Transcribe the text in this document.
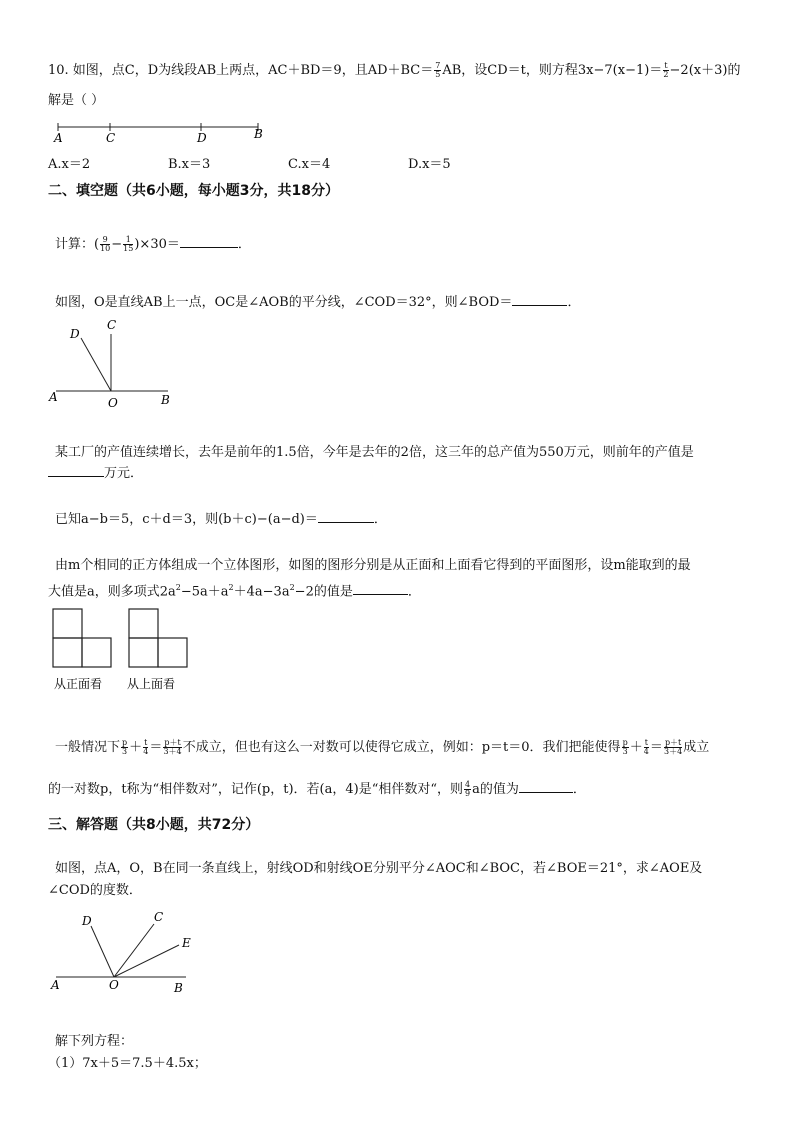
10. 如图，点C，D为线段AB上两点，AC＋BD＝9，且$AD+BC= \frac{7}{5}$ AB，设CD＝t，则方程$3x-7(x-1)= \frac{t}{2} -2(x+3)$的
解是（ ）
A	C	D	B
A.x＝2	B.x＝3	C.x＝4	D.x＝5
二、填空题（共6小题，每小题3分，共18分）
计算：( $\frac{9}{10} - \frac{1}{15} )\times 30=$	．
如图，O是直线AB上一点，OC是∠AOB的平分线，∠COD＝32°，则∠BOD＝	．
D
C
A	O	B
某工厂的产值连续增长，去年是前年的1.5倍，今年是去年的2倍，这三年的总产值为550万元，则前年的产值是
万元．
已知a−b＝5，c＋d＝3，则(b＋c)−(a−d)＝	．
由m个相同的正方体组成一个立体图形，如图的图形分别是从正面和上面看它得到的平面图形，设m能取到的最
大值是a，则多项式$2a^2-5a+a^2+4a-3a^2-2$的值是	．
从正面看 从上面看
一般情况下 $\frac{p}{3} + \frac{t}{4} = \frac{p+t}{3+4}$ 不成立，但也有这么一对数可以使得它成立，例如：p＝t＝0．我们把能使得 $\frac{p}{3} + \frac{t}{4} = \frac{p+t}{3+4}$ 成立
的一对数p，t称为“相伴数对”，记作(p，t)．若(a，4)是“相伴数对“，则 $\frac{4}{9}$ a的值为	．
三、解答题（共8小题，共72分）
如图，点A，O，B在同一条直线上，射线OD和射线OE分别平分∠AOC和∠BOC，若∠BOE＝21°，求∠AOE及
∠COD的度数．
D	C
E
A	O	B
解下列方程：
（1）7x＋5＝7.5＋4.5x；
